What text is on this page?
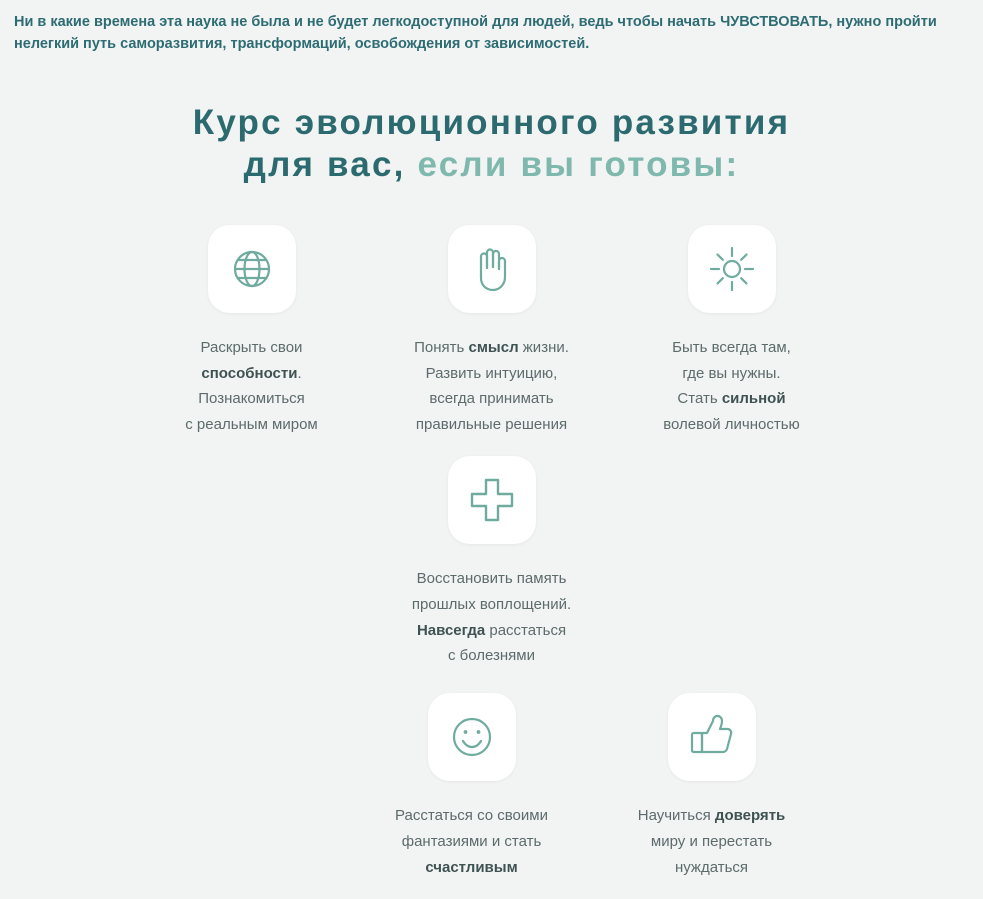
Ни в какие времена эта наука не была и не будет легкодоступной для людей, ведь чтобы начать ЧУВСТВОВАТЬ, нужно пройти нелегкий путь саморазвития, трансформаций, освобождения от зависимостей.
Курс эволюционного развития
для вас, если вы готовы:
Раскрыть свои
способности.
Познакомиться
с реальным миром
Понять смысл жизни.
Развить интуицию,
всегда принимать
правильные решения
Быть всегда там,
где вы нужны.
Стать сильной
волевой личностью
Восстановить память
прошлых воплощений.
Навсегда расстаться
с болезнями
Расстаться со своими
фантазиями и стать
счастливым
Научиться доверять
миру и перестать
нуждаться
